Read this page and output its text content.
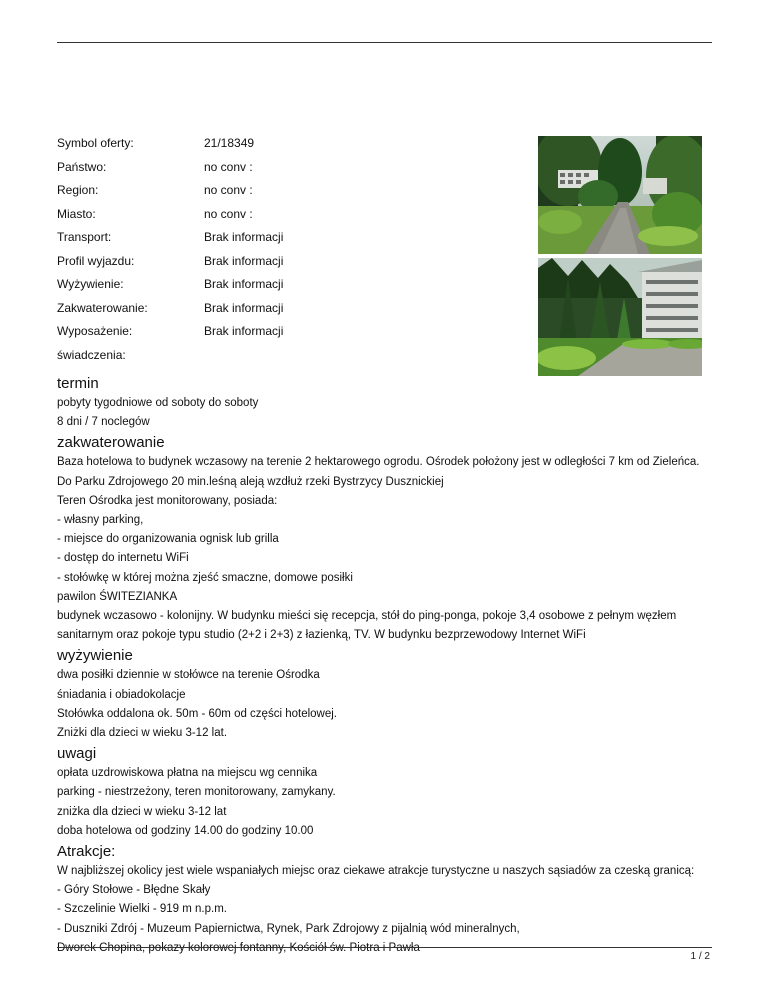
Symbol oferty:	21/18349
Państwo:	no conv :
Region:	no conv :
Miasto:	no conv :
Transport:	Brak informacji
Profil wyjazdu:	Brak informacji
Wyżywienie:	Brak informacji
Zakwaterowanie:	Brak informacji
Wyposażenie:	Brak informacji
świadczenia:
termin
pobyty tygodniowe od soboty do soboty
8 dni / 7 noclegów
zakwaterowanie
Baza hotelowa to budynek wczasowy na terenie 2 hektarowego ogrodu. Ośrodek położony jest w odległości 7 km od Zieleńca.
Do Parku Zdrojowego 20 min.leśną aleją wzdłuż rzeki Bystrzycy Dusznickiej
Teren Ośrodka jest monitorowany, posiada:
- własny parking,
- miejsce do organizowania ognisk lub grilla
- dostęp do internetu WiFi
- stołówkę w której można zjeść smaczne, domowe posiłki
pawilon ŚWITEZIANKA
budynek wczasowo - kolonijny. W budynku mieści się recepcja, stół do ping-ponga, pokoje 3,4 osobowe z pełnym węzłem
sanitarnym oraz pokoje typu studio (2+2 i 2+3) z łazienką, TV. W budynku bezprzewodowy Internet WiFi
wyżywienie
dwa posiłki dziennie w stołówce na terenie Ośrodka
śniadania i obiadokolacje
Stołówka oddalona ok. 50m - 60m od części hotelowej.
Zniżki dla dzieci w wieku 3-12 lat.
uwagi
opłata uzdrowiskowa płatna na miejscu wg cennika
parking - niestrzeżony, teren monitorowany, zamykany.
zniżka dla dzieci w wieku 3-12 lat
doba hotelowa od godziny 14.00 do godziny 10.00
Atrakcje:
W najbliższej okolicy jest wiele wspaniałych miejsc oraz ciekawe atrakcje turystyczne u naszych sąsiadów za czeską granicą:
- Góry Stołowe - Błędne Skały
- Szczelinie Wielki - 919 m n.p.m.
- Duszniki Zdrój - Muzeum Papiernictwa, Rynek, Park Zdrojowy z pijalnią wód mineralnych,
Dworek Chopina, pokazy kolorowej fontanny, Kościół św. Piotra i Pawła
1 / 2
